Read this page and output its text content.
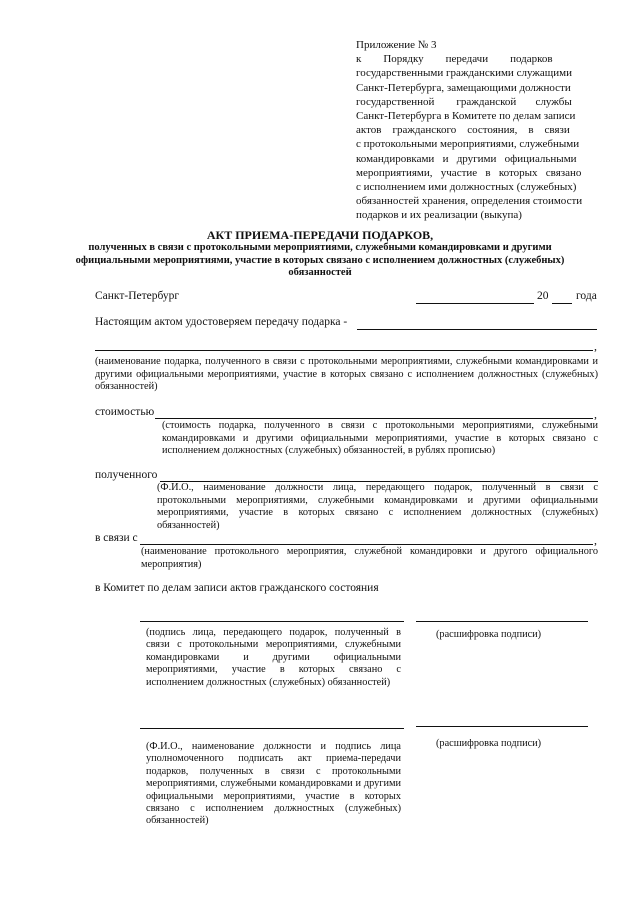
Приложение № 3
к        Порядку        передачи        подарков
государственными гражданскими служащими
Санкт-Петербурга, замещающими должности
государственной        гражданской       службы
Санкт-Петербурга в Комитете по делам записи
актов    гражданского    состояния,    в    связи
с протокольными мероприятиями, служебными
командировками   и   другими   официальными
мероприятиями,   участие   в   которых   связано
с исполнением ими должностных (служебных)
обязанностей хранения, определения стоимости
подарков и их реализации (выкупа)
АКТ ПРИЕМА-ПЕРЕДАЧИ ПОДАРКОВ,
полученных в связи с протокольными мероприятиями, служебными командировками и другими официальными мероприятиями, участие в которых связано с исполнением должностных (служебных) обязанностей
Санкт-Петербург	20 года
Настоящим актом удостоверяем передачу подарка -
,
(наименование подарка, полученного в связи с протокольными мероприятиями, служебными командировками и другими официальными мероприятиями, участие в которых связано с исполнением должностных (служебных) обязанностей)
стоимостью	,
(стоимость подарка, полученного в связи с протокольными мероприятиями, служебными командировками и другими официальными мероприятиями, участие в которых связано с исполнением должностных (служебных) обязанностей, в рублях прописью)
полученного
(Ф.И.О., наименование должности лица, передающего подарок, полученный в связи с протокольными мероприятиями, служебными командировками и другими официальными мероприятиями, участие в которых связано с исполнением должностных (служебных) обязанностей)
в связи с	,
(наименование протокольного мероприятия, служебной командировки и другого официального мероприятия)
в Комитет по делам записи актов гражданского состояния
(подпись лица, передающего подарок, полученный в связи с протокольными мероприятиями, служебными командировками и другими официальными мероприятиями, участие в которых связано с исполнением должностных (служебных) обязанностей)
(расшифровка подписи)
(Ф.И.О., наименование должности и подпись лица уполномоченного подписать акт приема-передачи подарков, полученных в связи с протокольными мероприятиями, служебными командировками и другими официальными мероприятиями, участие в которых связано с исполнением должностных (служебных) обязанностей)
(расшифровка подписи)
